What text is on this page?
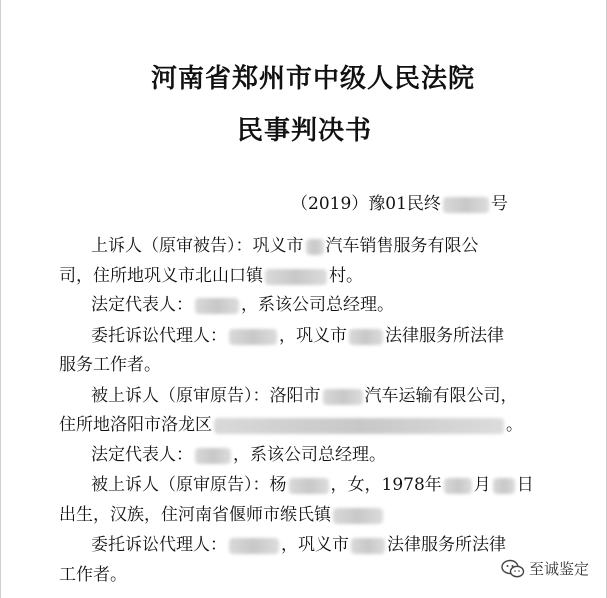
河南省郑州市中级人民法院
民事判决书
（2019）豫01民终	号
　　上诉人（原审被告）：巩义市 汽车销售服务有限公
司，住所地巩义市北山口镇	村。
　　法定代表人：	，系该公司总经理。
　　委托诉讼代理人：	，巩义市 法律服务所法律
服务工作者。
　　被上诉人（原审原告）：洛阳市	汽车运输有限公司，
住所地洛阳市洛龙区	。
　　法定代表人： ，系该公司总经理。
　　被上诉人（原审原告）：杨	，女，1978年 月 日
出生，汉族，住河南省偃师市缑氏镇
　　委托诉讼代理人：	，巩义市 法律服务所法律
工作者。	至诚鉴定
